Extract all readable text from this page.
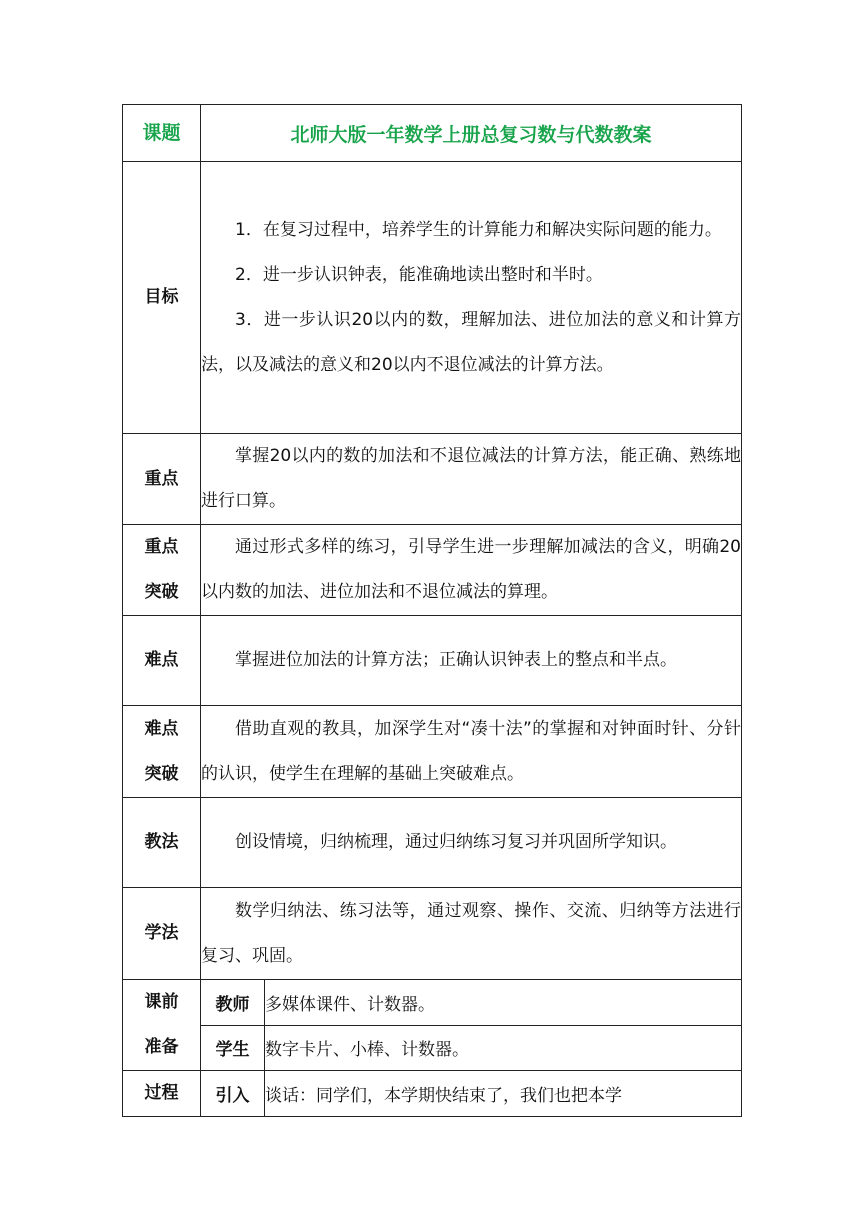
课题	北师大版一年数学上册总复习数与代数教案	
目标	1．在复习过程中，培养学生的计算能力和解决实际问题的能力。

2．进一步认识钟表，能准确地读出整时和半时。

3．进一步认识20以内的数，理解加法、进位加法的意义和计算方法，以及减法的意义和20以内不退位减法的计算方法。	

重点	掌握20以内的数的加法和不退位减法的计算方法，能正确、熟练地进行口算。	

重点
突破	通过形式多样的练习，引导学生进一步理解加减法的含义，明确20以内数的加法、进位加法和不退位减法的算理。	

难点	掌握进位加法的计算方法；正确认识钟表上的整点和半点。	

难点
突破	借助直观的教具，加深学生对“凑十法”的掌握和对钟面时针、分针的认识，使学生在理解的基础上突破难点。	

教法	创设情境，归纳梳理，通过归纳练习复习并巩固所学知识。	

学法	数学归纳法、练习法等，通过观察、操作、交流、归纳等方法进行复习、巩固。	

课前
准备	教师	多媒体课件、计数器。
	学生	数字卡片、小棒、计数器。
过程	引入	谈话：同学们，本学期快结束了，我们也把本学
